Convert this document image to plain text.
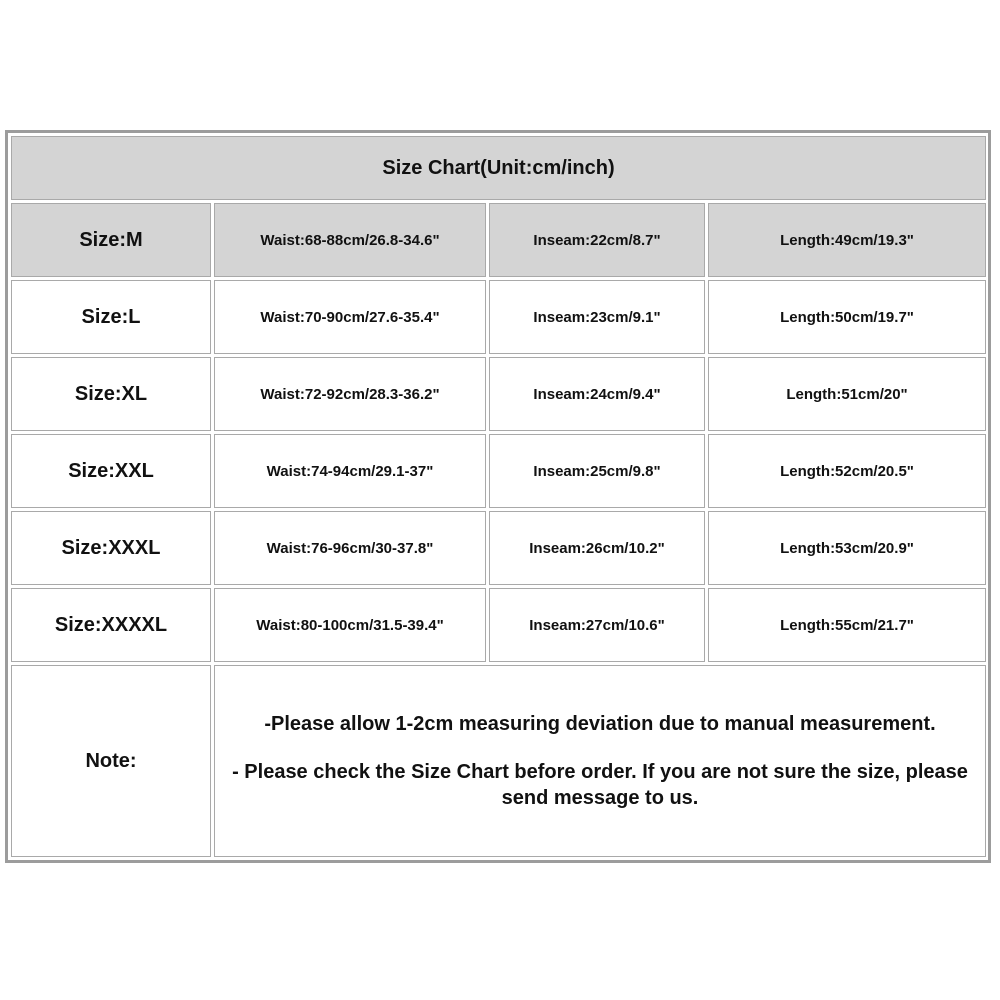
Size Chart(Unit:cm/inch)			
Size:M	Waist:68-88cm/26.8-34.6"	Inseam:22cm/8.7"	Length:49cm/19.3"
Size:L	Waist:70-90cm/27.6-35.4"	Inseam:23cm/9.1"	Length:50cm/19.7"
Size:XL	Waist:72-92cm/28.3-36.2"	Inseam:24cm/9.4"	Length:51cm/20"
Size:XXL	Waist:74-94cm/29.1-37"	Inseam:25cm/9.8"	Length:52cm/20.5"
Size:XXXL	Waist:76-96cm/30-37.8"	Inseam:26cm/10.2"	Length:53cm/20.9"
Size:XXXXL	Waist:80-100cm/31.5-39.4"	Inseam:27cm/10.6"	Length:55cm/21.7"
Note:	-Please allow 1-2cm measuring deviation due to manual measurement.

- Please check the Size Chart before order. If you are not sure the size, please send message to us.		
